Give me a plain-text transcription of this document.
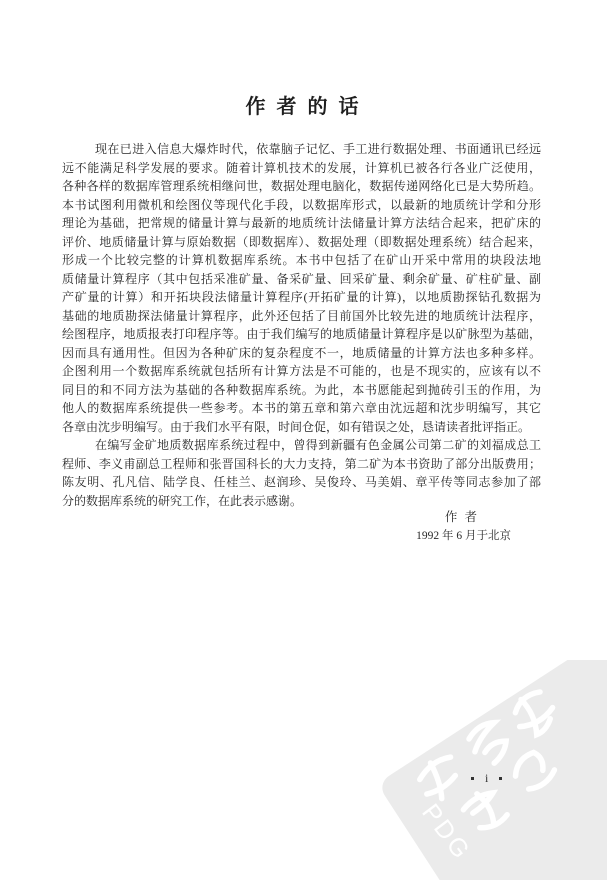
PDG
作 者 的 话
现在已进入信息大爆炸时代，依靠脑子记忆、手工进行数据处理、书面通讯已经远
远不能满足科学发展的要求。随着计算机技术的发展，计算机已被各行各业广泛使用，
各种各样的数据库管理系统相继问世，数据处理电脑化，数据传递网络化已是大势所趋。
本书试图利用微机和绘图仪等现代化手段，以数据库形式，以最新的地质统计学和分形
理论为基础，把常规的储量计算与最新的地质统计法储量计算方法结合起来，把矿床的
评价、地质储量计算与原始数据（即数据库）、数据处理（即数据处理系统）结合起来，
形成一个比较完整的计算机数据库系统。本书中包括了在矿山开采中常用的块段法地
质储量计算程序（其中包括采准矿量、备采矿量、回采矿量、剩余矿量、矿柱矿量、副
产矿量的计算）和开拓块段法储量计算程序(开拓矿量的计算)，以地质勘探钻孔数据为
基础的地质勘探法储量计算程序，此外还包括了目前国外比较先进的地质统计法程序，
绘图程序，地质报表打印程序等。由于我们编写的地质储量计算程序是以矿脉型为基础，
因而具有通用性。但因为各种矿床的复杂程度不一，地质储量的计算方法也多种多样。
企图利用一个数据库系统就包括所有计算方法是不可能的，也是不现实的，应该有以不
同目的和不同方法为基础的各种数据库系统。为此，本书愿能起到抛砖引玉的作用，为
他人的数据库系统提供一些参考。本书的第五章和第六章由沈远超和沈步明编写，其它
各章由沈步明编写。由于我们水平有限，时间仓促，如有错误之处，恳请读者批评指正。
在编写金矿地质数据库系统过程中，曾得到新疆有色金属公司第二矿的刘福成总工
程师、李义甫副总工程师和张晋国科长的大力支持，第二矿为本书资助了部分出版费用；
陈友明、孔凡信、陆学良、任桂兰、赵润珍、吴俊玲、马美娟、章平传等同志参加了部
分的数据库系统的研究工作，在此表示感谢。
作 者
1992 年 6 月于北京
i
